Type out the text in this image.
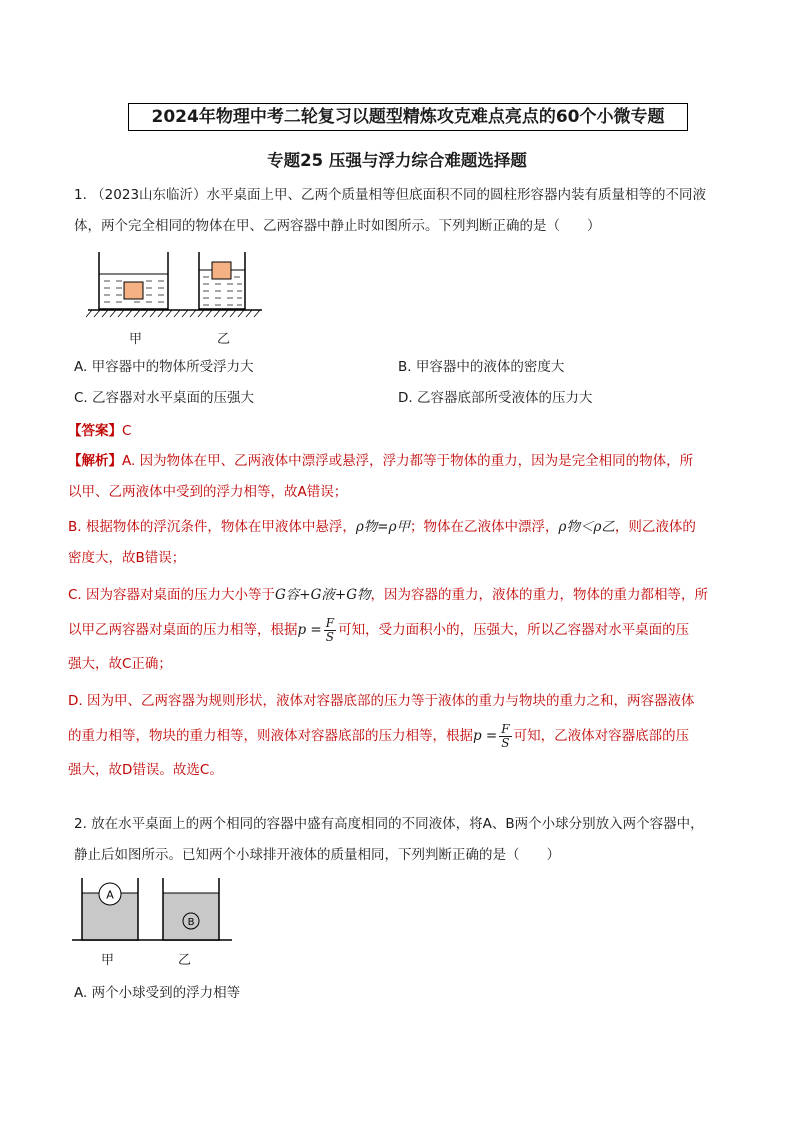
2024年物理中考二轮复习以题型精炼攻克难点亮点的60个小微专题
专题25 压强与浮力综合难题选择题
1. （2023山东临沂）水平桌面上甲、乙两个质量相等但底面积不同的圆柱形容器内装有质量相等的不同液
体，两个完全相同的物体在甲、乙两容器中静止时如图所示。下列判断正确的是（　　）
甲	乙
A. 甲容器中的物体所受浮力大	B. 甲容器中的液体的密度大
C. 乙容器对水平桌面的压强大	D. 乙容器底部所受液体的压力大
【答案】C
【解析】A. 因为物体在甲、乙两液体中漂浮或悬浮，浮力都等于物体的重力，因为是完全相同的物体，所
以甲、乙两液体中受到的浮力相等，故A错误；
B. 根据物体的浮沉条件，物体在甲液体中悬浮，ρ物=ρ甲；物体在乙液体中漂浮，ρ物＜ρ乙，则乙液体的
密度大，故B错误；
C. 因为容器对桌面的压力大小等于G容+G液+G物，因为容器的重力，液体的重力，物体的重力都相等，所
以甲乙两容器对桌面的压力相等，根据$p = \frac{F}{S}$ 可知，受力面积小的，压强大，所以乙容器对水平桌面的压
强大，故C正确；
D. 因为甲、乙两容器为规则形状，液体对容器底部的压力等于液体的重力与物块的重力之和，两容器液体
的重力相等，物块的重力相等，则液体对容器底部的压力相等，根据$p = \frac{F}{S}$ 可知，乙液体对容器底部的压
强大，故D错误。故选C。
2. 放在水平桌面上的两个相同的容器中盛有高度相同的不同液体，将A、B两个小球分别放入两个容器中，
静止后如图所示。已知两个小球排开液体的质量相同，下列判断正确的是（　　）
A
B
甲	乙
A. 两个小球受到的浮力相等
